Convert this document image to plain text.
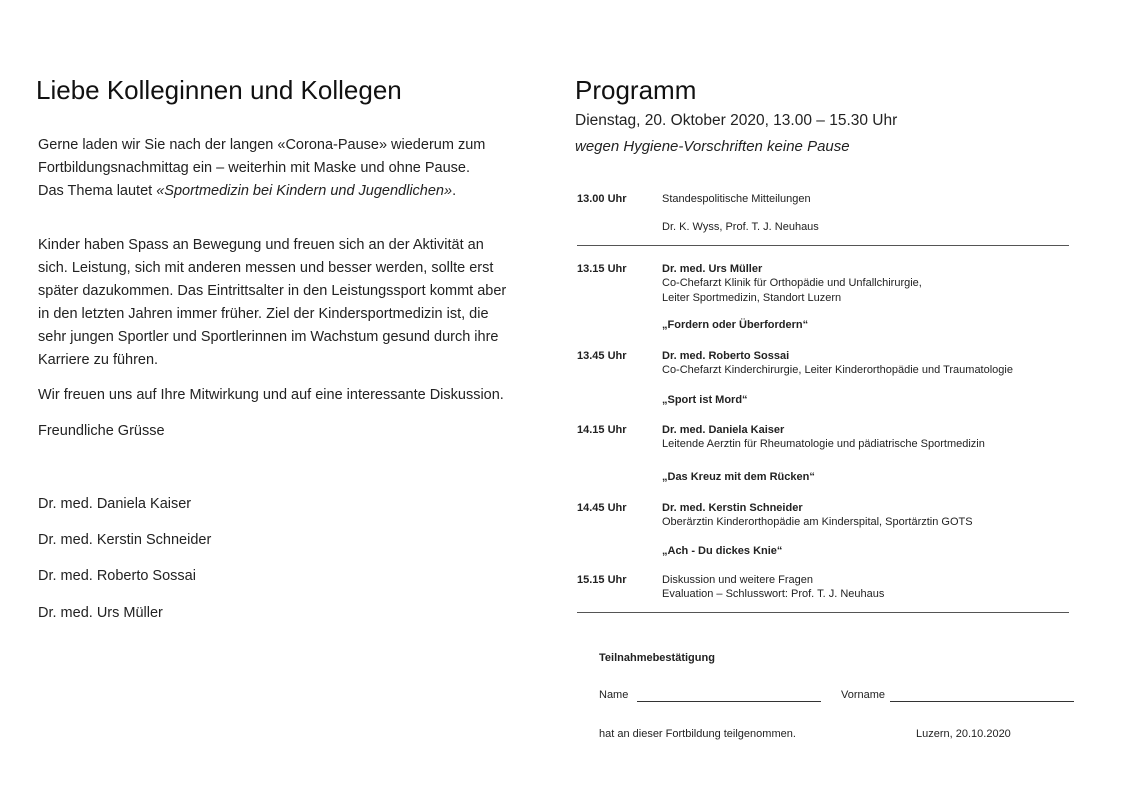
Liebe Kolleginnen und Kollegen
Gerne laden wir Sie nach der langen «Corona-Pause» wiederum zum
Fortbildungsnachmittag ein – weiterhin mit Maske und ohne Pause.
Das Thema lautet «Sportmedizin bei Kindern und Jugendlichen».
Kinder haben Spass an Bewegung und freuen sich an der Aktivität an
sich. Leistung, sich mit anderen messen und besser werden, sollte erst
später dazukommen. Das Eintrittsalter in den Leistungssport kommt aber
in den letzten Jahren immer früher. Ziel der Kindersportmedizin ist, die
sehr jungen Sportler und Sportlerinnen im Wachstum gesund durch ihre
Karriere zu führen.
Wir freuen uns auf Ihre Mitwirkung und auf eine interessante Diskussion.
Freundliche Grüsse
Dr. med. Daniela Kaiser
Dr. med. Kerstin Schneider
Dr. med. Roberto Sossai
Dr. med. Urs Müller
Programm
Dienstag, 20. Oktober 2020, 13.00 – 15.30 Uhr
wegen Hygiene-Vorschriften keine Pause
13.00 Uhr	Standespolitische Mitteilungen
Dr. K. Wyss, Prof. T. J. Neuhaus
13.15 Uhr	Dr. med. Urs Müller
Co-Chefarzt Klinik für Orthopädie und Unfallchirurgie,
Leiter Sportmedizin, Standort Luzern
„Fordern oder Überfordern“
13.45 Uhr	Dr. med. Roberto Sossai
Co-Chefarzt Kinderchirurgie, Leiter Kinderorthopädie und Traumatologie
„Sport ist Mord“
14.15 Uhr	Dr. med. Daniela Kaiser
Leitende Aerztin für Rheumatologie und pädiatrische Sportmedizin
„Das Kreuz mit dem Rücken“
14.45 Uhr	Dr. med. Kerstin Schneider
Oberärztin Kinderorthopädie am Kinderspital, Sportärztin GOTS
„Ach - Du dickes Knie“
15.15 Uhr	Diskussion und weitere Fragen
Evaluation – Schlusswort: Prof. T. J. Neuhaus
Teilnahmebestätigung
Name	Vorname
hat an dieser Fortbildung teilgenommen.	Luzern, 20.10.2020
